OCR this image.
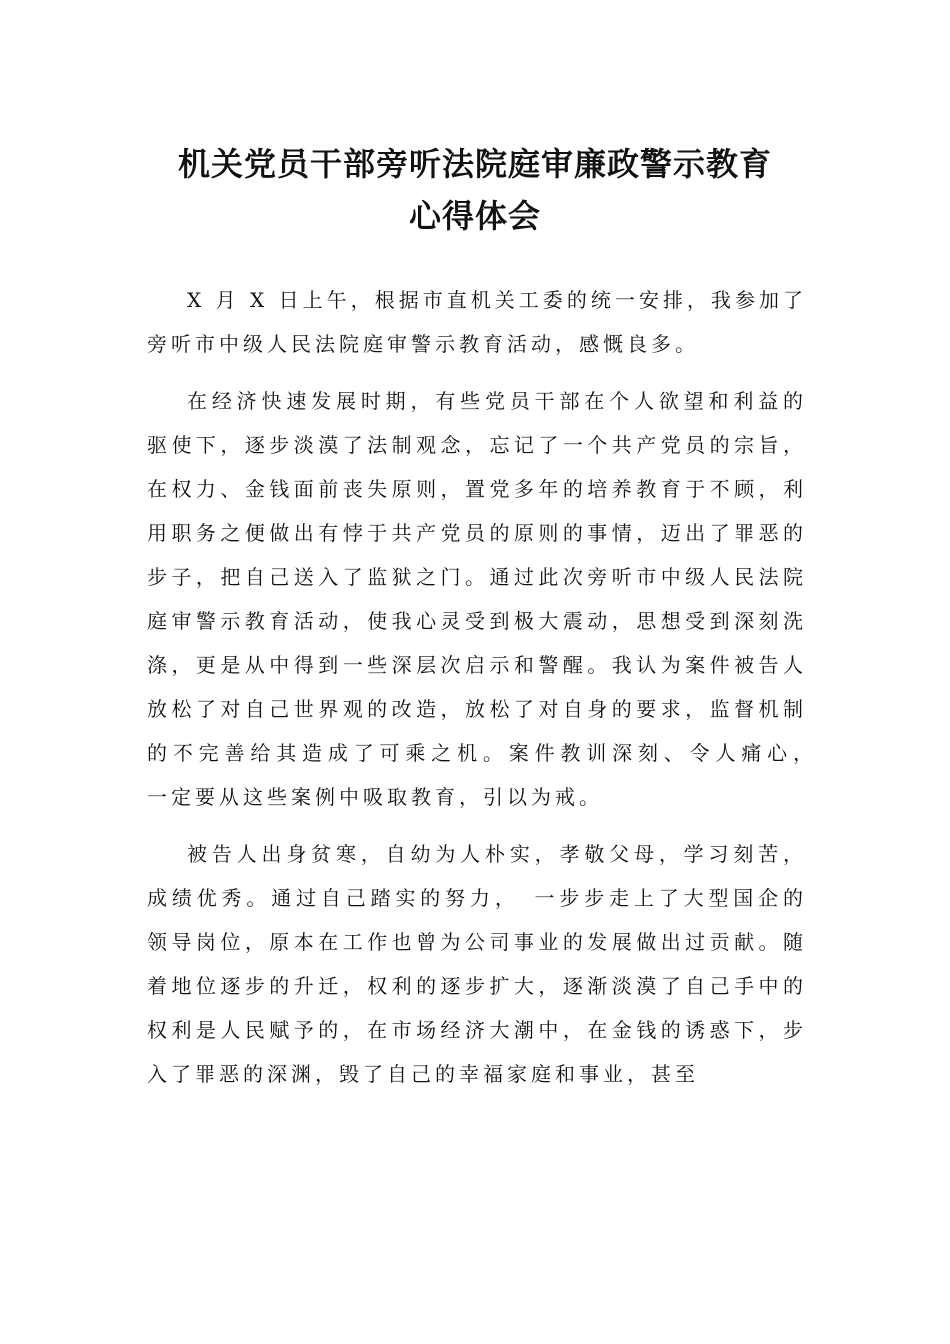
机关党员干部旁听法院庭审廉政警示教育
心得体会

X 月 X 日上午，根据市直机关工委的统一安排，我参加了旁听市中级人民法院庭审警示教育活动，感慨良多。

在经济快速发展时期，有些党员干部在个人欲望和利益的驱使下，逐步淡漠了法制观念，忘记了一个共产党员的宗旨，在权力、金钱面前丧失原则，置党多年的培养教育于不顾，利用职务之便做出有悖于共产党员的原则的事情，迈出了罪恶的步子，把自己送入了监狱之门。通过此次旁听市中级人民法院庭审警示教育活动，使我心灵受到极大震动，思想受到深刻洗涤，更是从中得到一些深层次启示和警醒。我认为案件被告人放松了对自己世界观的改造，放松了对自身的要求，监督机制的不完善给其造成了可乘之机。案件教训深刻、令人痛心，　一定要从这些案例中吸取教育，引以为戒。

被告人出身贫寒，自幼为人朴实，孝敬父母，学习刻苦，成绩优秀。通过自己踏实的努力，　一步步走上了大型国企的领导岗位，原本在工作也曾为公司事业的发展做出过贡献。随着地位逐步的升迁，权利的逐步扩大，逐渐淡漠了自己手中的权利是人民赋予的，在市场经济大潮中，在金钱的诱惑下，步入了罪恶的深渊，毁了自己的幸福家庭和事业，甚至
